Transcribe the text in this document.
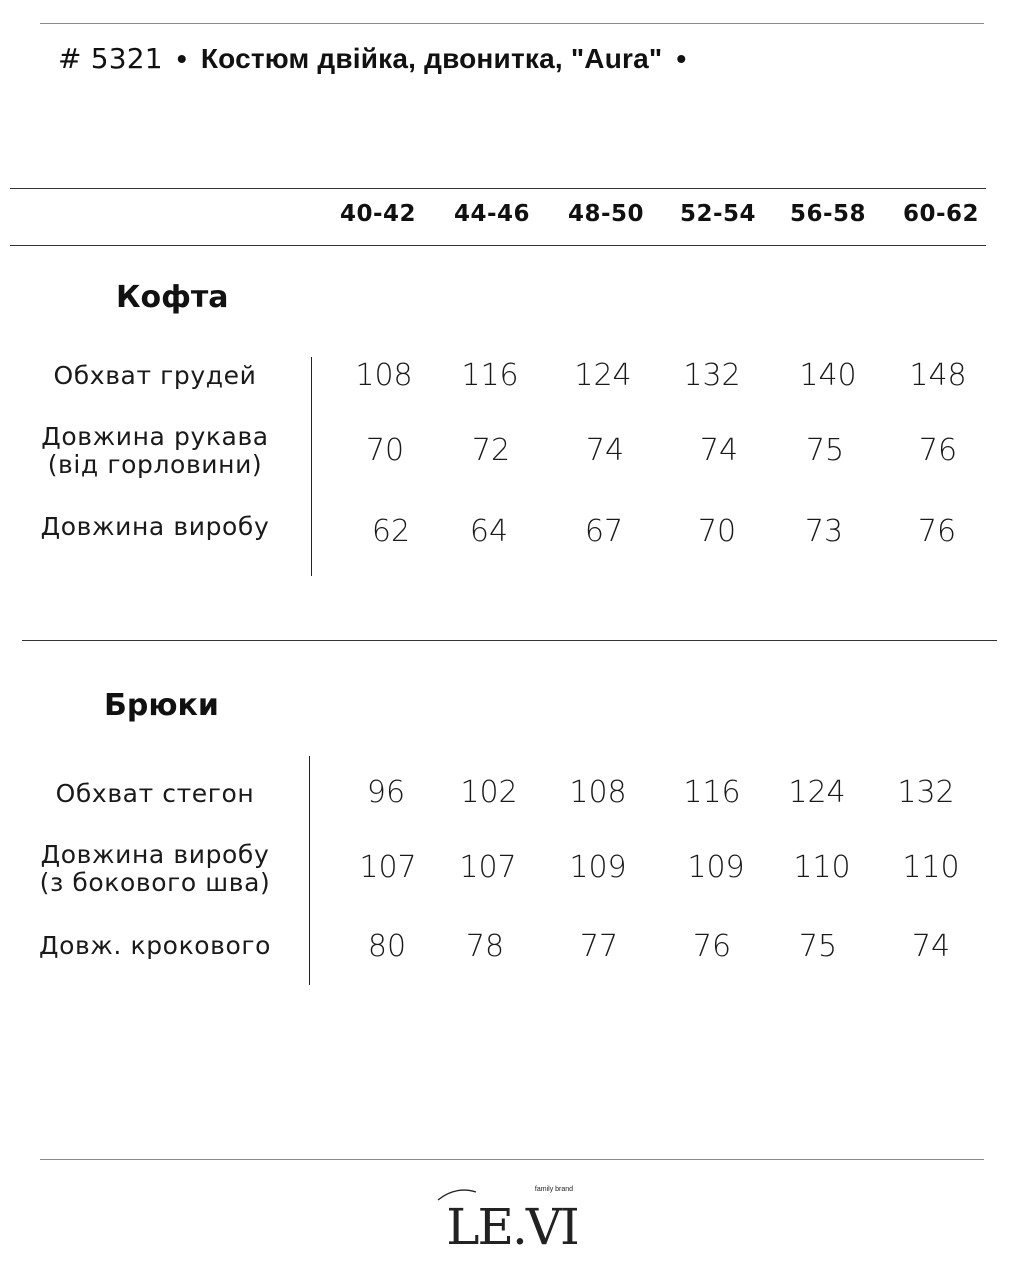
# 5321 • Костюм двійка, двонитка, "Aura" •
40-42	44-46	48-50	52-54	56-58	60-62
Кофта
Обхват грудей	108	116	124	132	140	148
Довжина рукава
(від горловини)	70	72	74	74	75	76
Довжина виробу	62	64	67	70	73	76
Брюки
Обхват стегон	96	102	108	116	124	132
Довжина виробу
(з бокового шва)	107	107	109	109	110	110
Довж. крокового	80	78	77	76	75	74
family brand
LE.VI
